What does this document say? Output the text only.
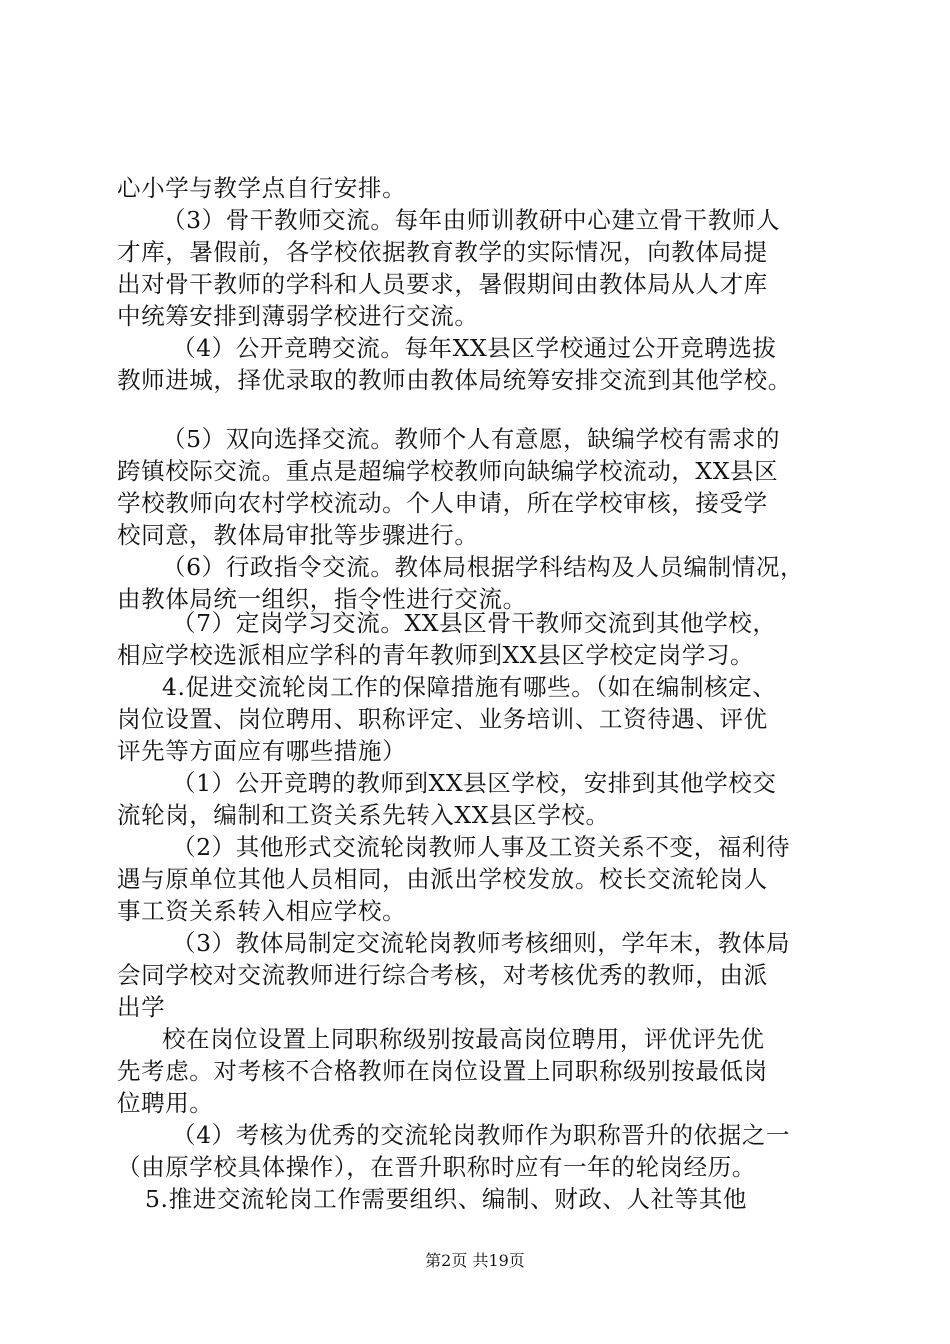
心小学与教学点自行安排。
（3）骨干教师交流。每年由师训教研中心建立骨干教师人
才库，暑假前，各学校依据教育教学的实际情况，向教体局提
出对骨干教师的学科和人员要求，暑假期间由教体局从人才库
中统筹安排到薄弱学校进行交流。
（4）公开竞聘交流。每年XX县区学校通过公开竞聘选拔
教师进城，择优录取的教师由教体局统筹安排交流到其他学校。
（5）双向选择交流。教师个人有意愿，缺编学校有需求的
跨镇校际交流。重点是超编学校教师向缺编学校流动，XX县区
学校教师向农村学校流动。个人申请，所在学校审核，接受学
校同意，教体局审批等步骤进行。
（6）行政指令交流。教体局根据学科结构及人员编制情况，
由教体局统一组织，指令性进行交流。
（7）定岗学习交流。XX县区骨干教师交流到其他学校，
相应学校选派相应学科的青年教师到XX县区学校定岗学习。
4.促进交流轮岗工作的保障措施有哪些。（如在编制核定、
岗位设置、岗位聘用、职称评定、业务培训、工资待遇、评优
评先等方面应有哪些措施）
（1）公开竞聘的教师到XX县区学校，安排到其他学校交
流轮岗，编制和工资关系先转入XX县区学校。
（2）其他形式交流轮岗教师人事及工资关系不变，福利待
遇与原单位其他人员相同，由派出学校发放。校长交流轮岗人
事工资关系转入相应学校。
（3）教体局制定交流轮岗教师考核细则，学年末，教体局
会同学校对交流教师进行综合考核，对考核优秀的教师，由派
出学
校在岗位设置上同职称级别按最高岗位聘用，评优评先优
先考虑。对考核不合格教师在岗位设置上同职称级别按最低岗
位聘用。
（4）考核为优秀的交流轮岗教师作为职称晋升的依据之一
（由原学校具体操作），在晋升职称时应有一年的轮岗经历。
5.推进交流轮岗工作需要组织、编制、财政、人社等其他
第2页 共19页
